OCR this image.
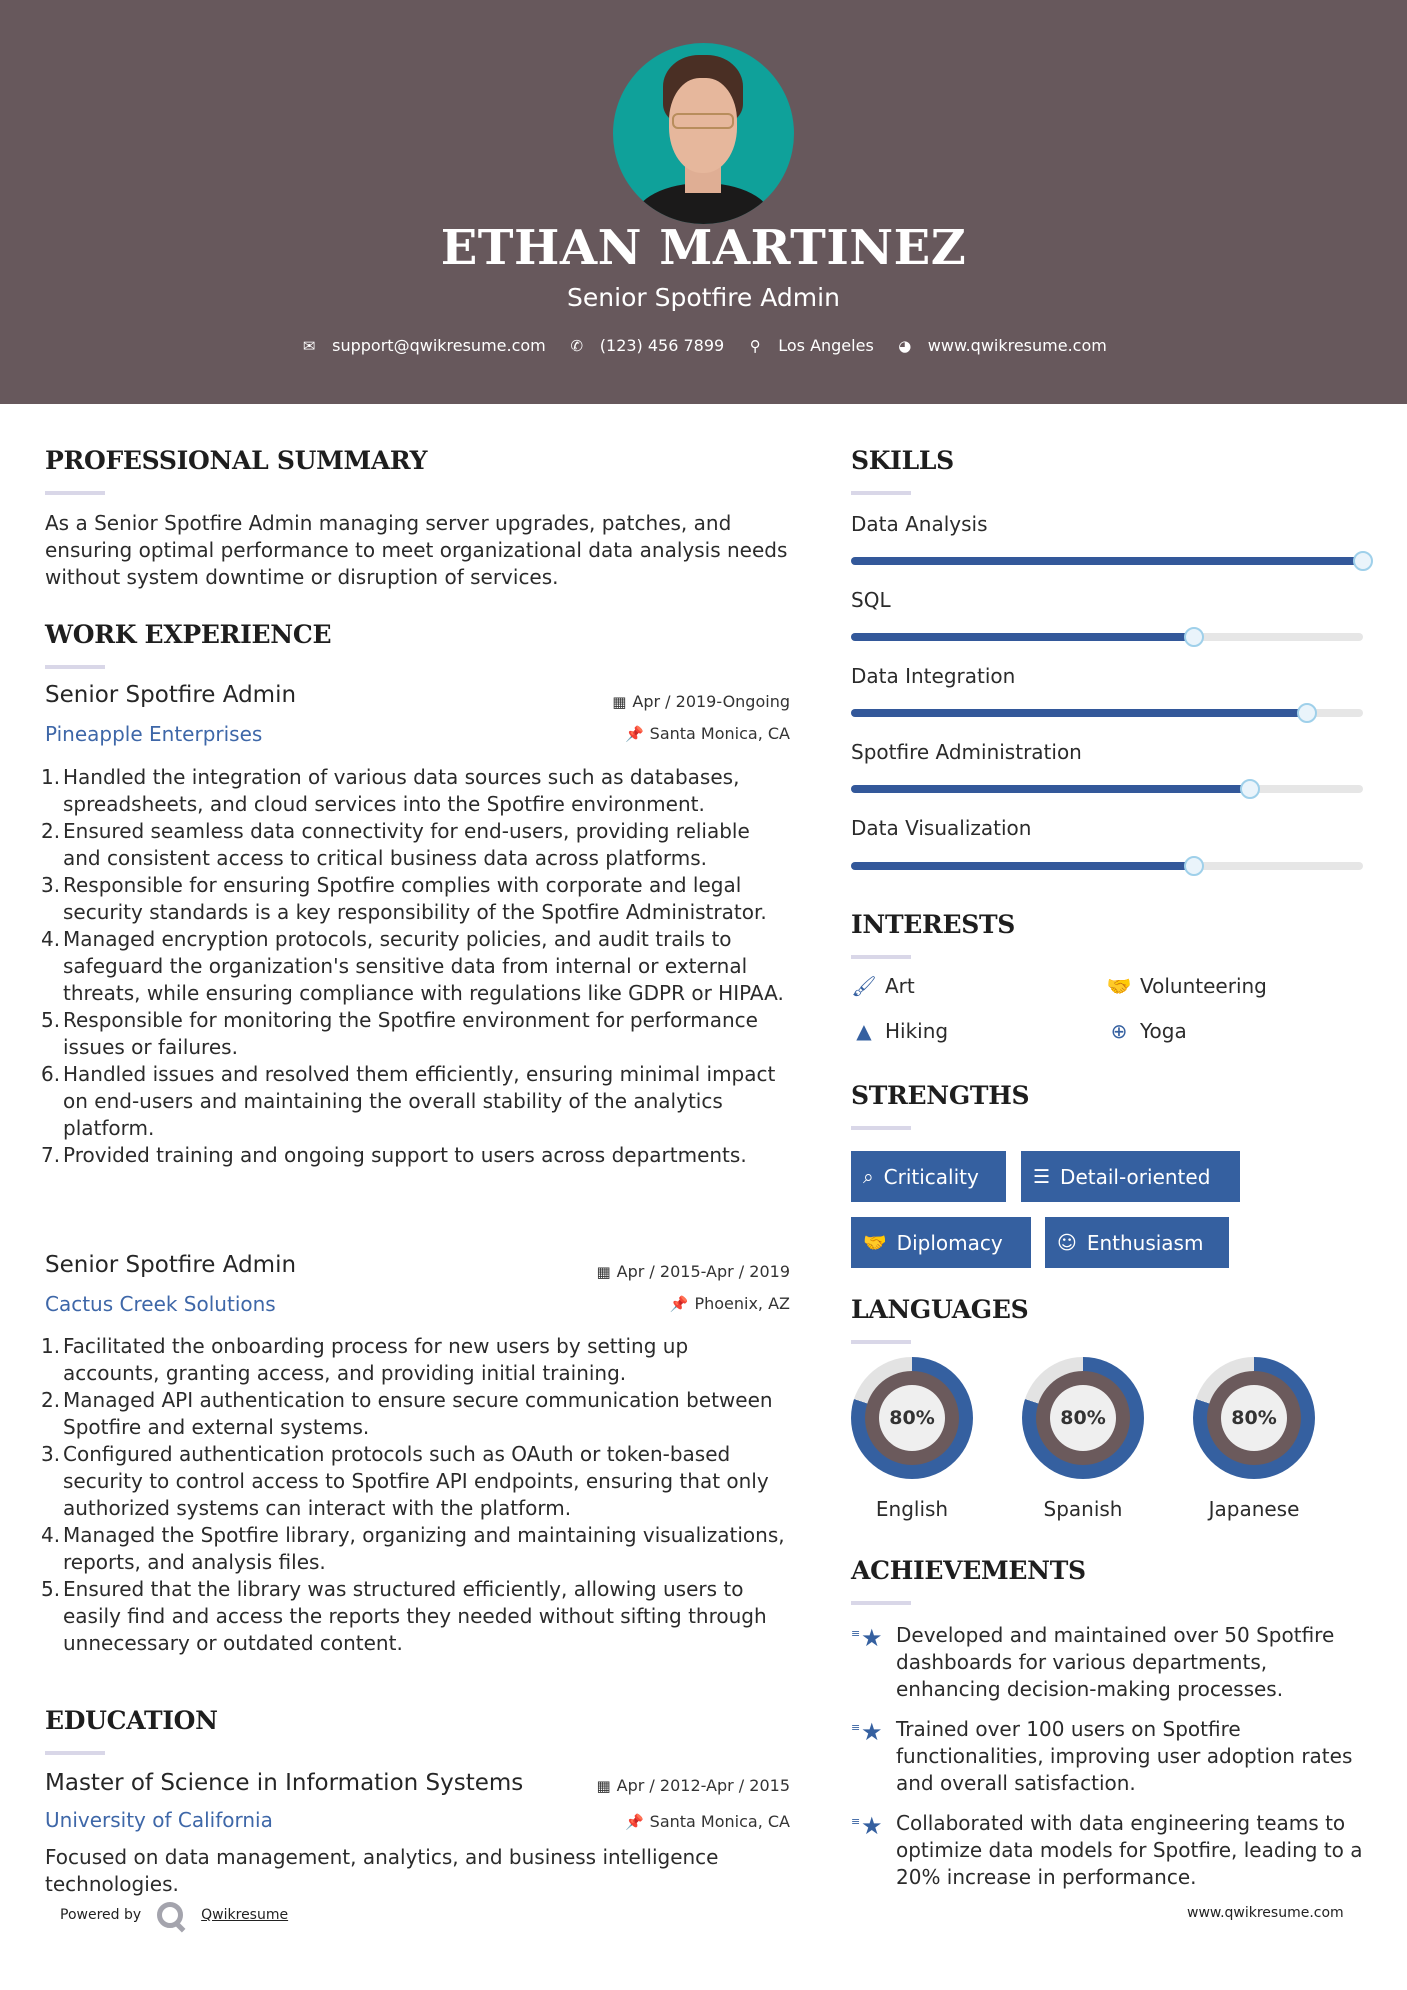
ETHAN MARTINEZ
Senior Spotfire Admin
✉ support@qwikresume.com ✆ (123) 456 7899 ⚲ Los Angeles ◕ www.qwikresume.com
PROFESSIONAL SUMMARY
As a Senior Spotfire Admin managing server upgrades, patches, and ensuring optimal performance to meet organizational data analysis needs without system downtime or disruption of services.
WORK EXPERIENCE
Senior Spotfire Admin	▦ Apr / 2019-Ongoing
Pineapple Enterprises	📌 Santa Monica, CA
1. Handled the integration of various data sources such as databases, spreadsheets, and cloud services into the Spotfire environment.
2. Ensured seamless data connectivity for end-users, providing reliable and consistent access to critical business data across platforms.
3. Responsible for ensuring Spotfire complies with corporate and legal security standards is a key responsibility of the Spotfire Administrator.
4. Managed encryption protocols, security policies, and audit trails to safeguard the organization's sensitive data from internal or external threats, while ensuring compliance with regulations like GDPR or HIPAA.
5. Responsible for monitoring the Spotfire environment for performance issues or failures.
6. Handled issues and resolved them efficiently, ensuring minimal impact on end-users and maintaining the overall stability of the analytics platform.
7. Provided training and ongoing support to users across departments.
Senior Spotfire Admin	▦ Apr / 2015-Apr / 2019
Cactus Creek Solutions	📌 Phoenix, AZ
1. Facilitated the onboarding process for new users by setting up accounts, granting access, and providing initial training.
2. Managed API authentication to ensure secure communication between Spotfire and external systems.
3. Configured authentication protocols such as OAuth or token-based security to control access to Spotfire API endpoints, ensuring that only authorized systems can interact with the platform.
4. Managed the Spotfire library, organizing and maintaining visualizations, reports, and analysis files.
5. Ensured that the library was structured efficiently, allowing users to easily find and access the reports they needed without sifting through unnecessary or outdated content.
EDUCATION
Master of Science in Information Systems	▦ Apr / 2012-Apr / 2015
University of California	📌 Santa Monica, CA
Focused on data management, analytics, and business intelligence technologies.
SKILLS
Data Analysis
SQL
Data Integration
Spotfire Administration
Data Visualization
INTERESTS
🖌 Art	🤝 Volunteering
▲ Hiking	⊕ Yoga
STRENGTHS
⌕ Criticality	☰ Detail-oriented
🤝 Diplomacy	☺ Enthusiasm
LANGUAGES
80%
English
80%
Spanish
80%
Japanese
ACHIEVEMENTS
≡ ★ Developed and maintained over 50 Spotfire dashboards for various departments, enhancing decision-making processes.
≡ ★ Trained over 100 users on Spotfire functionalities, improving user adoption rates and overall satisfaction.
≡ ★ Collaborated with data engineering teams to optimize data models for Spotfire, leading to a 20% increase in performance.
Powered by	Qwikresume	www.qwikresume.com
